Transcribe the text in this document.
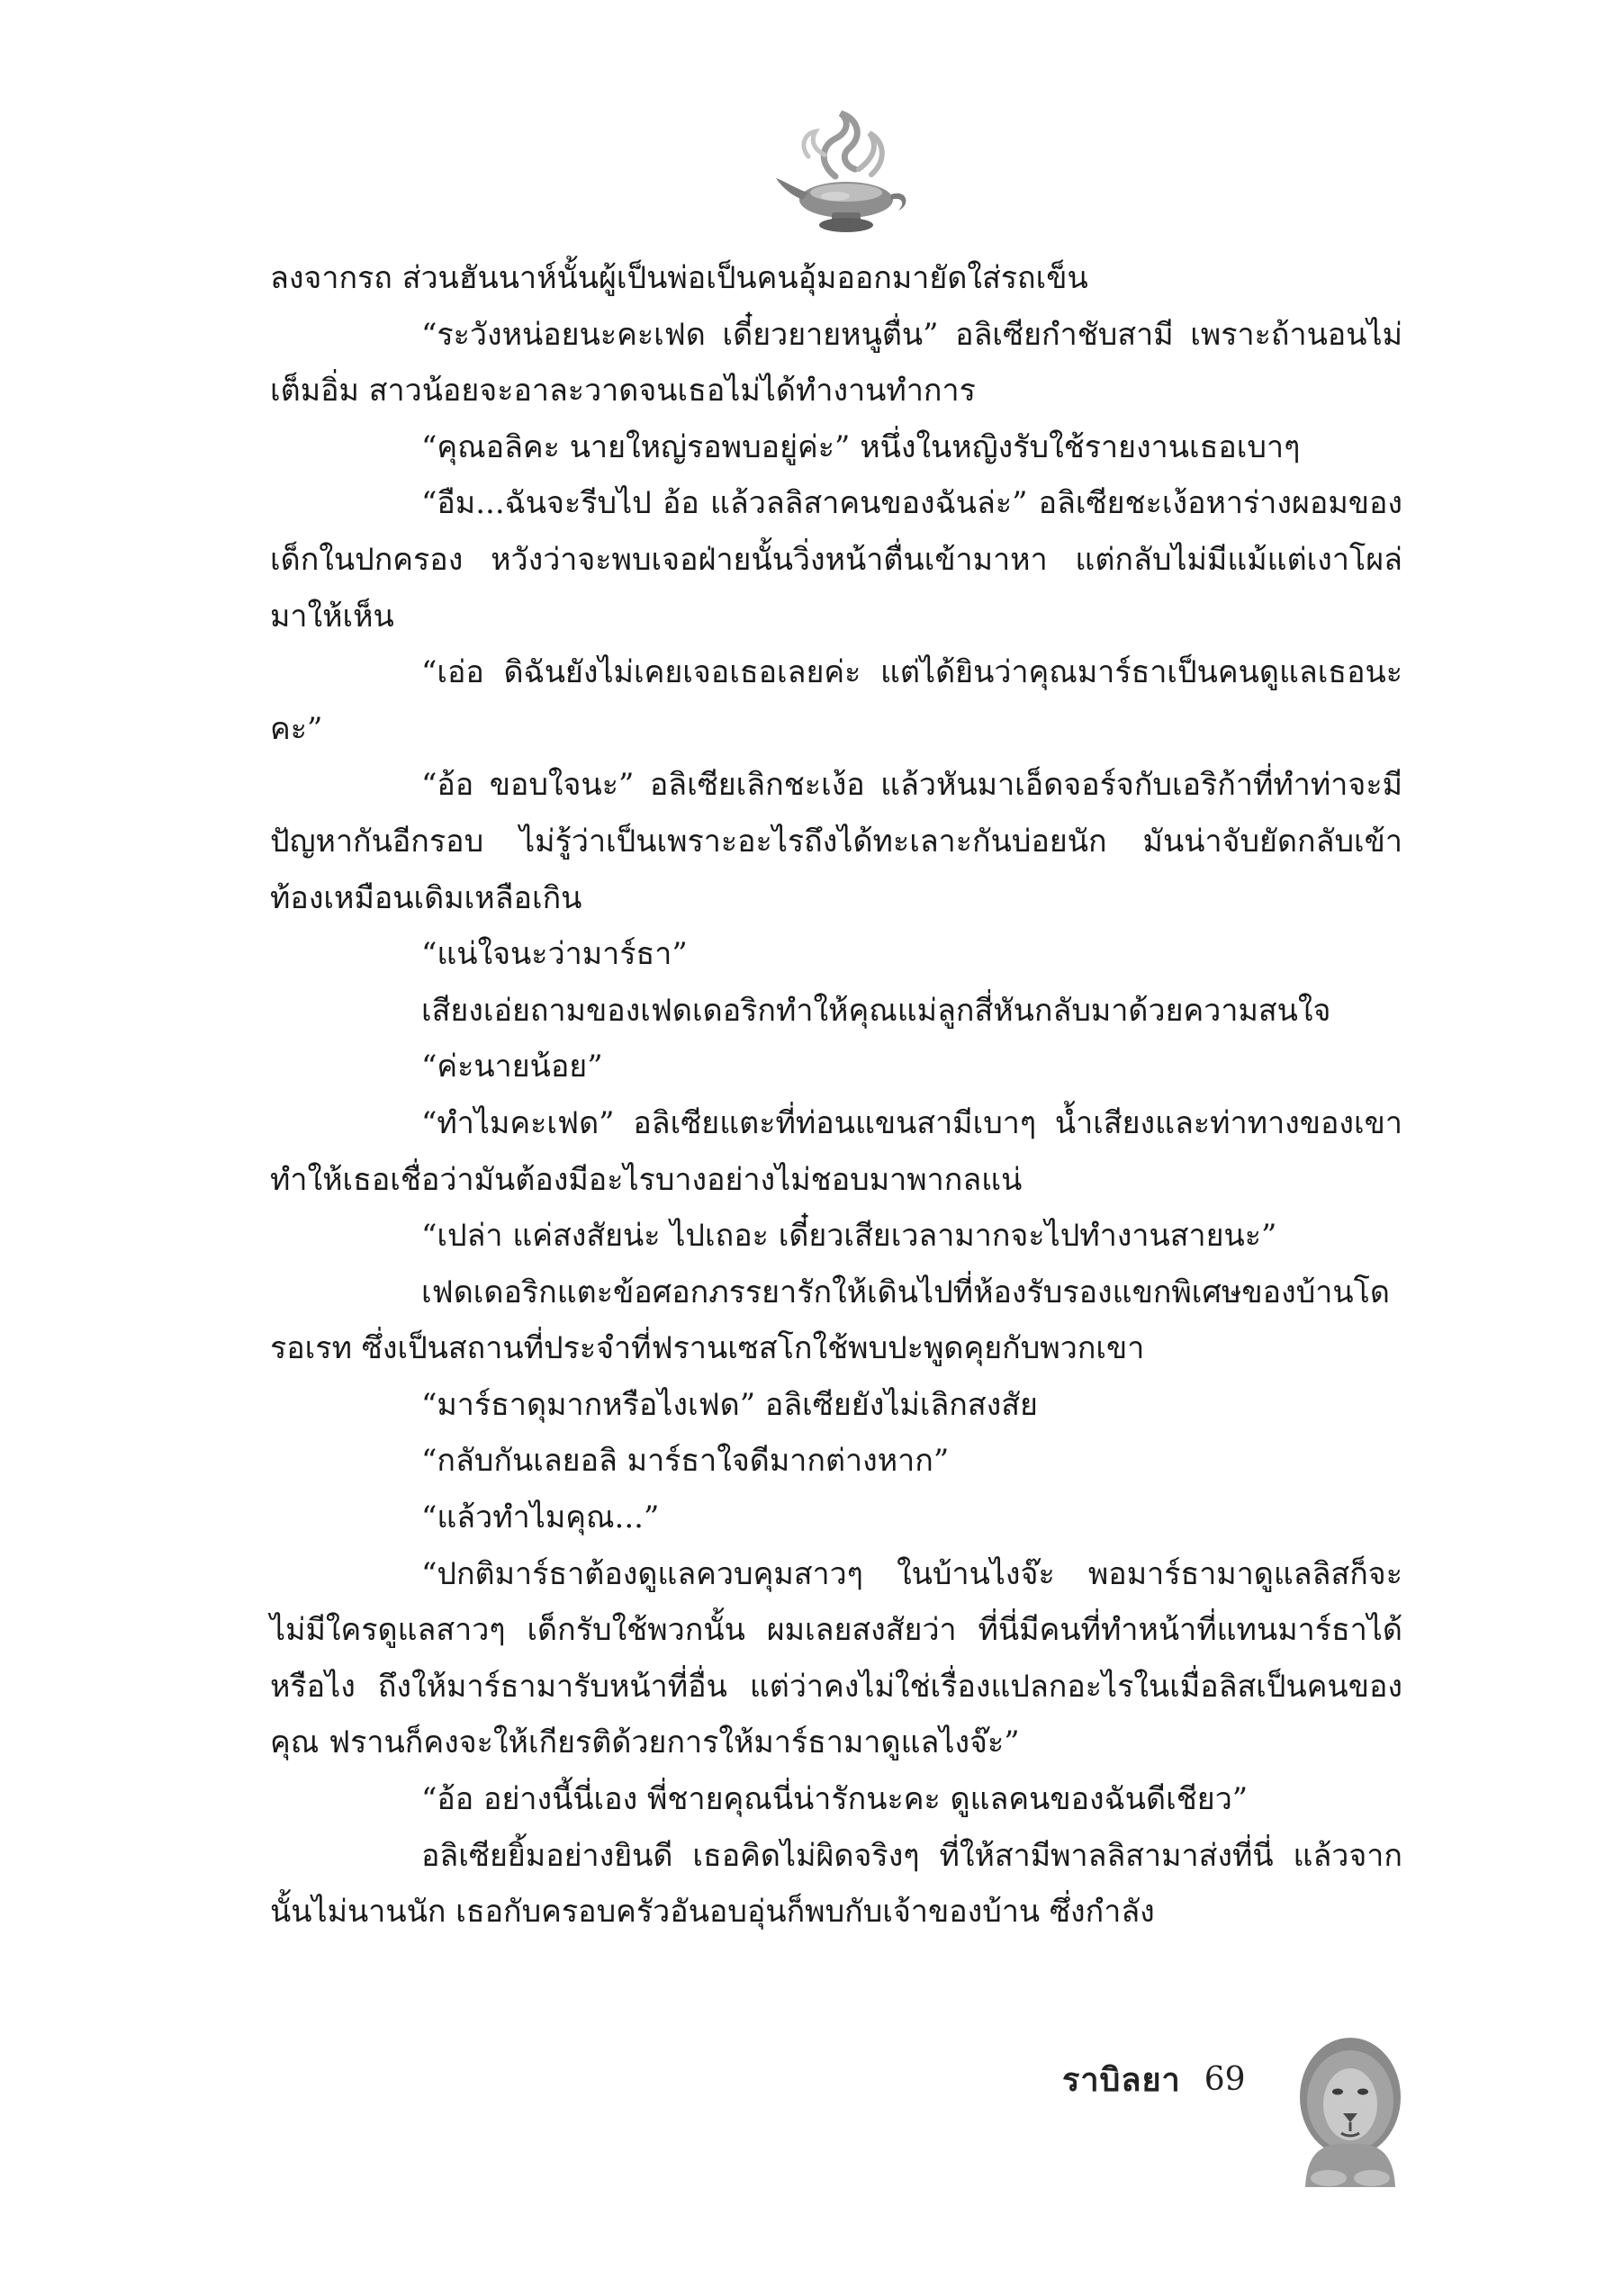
ลงจากรถ ส่วนฮันนาห์นั้นผู้เป็นพ่อเป็นคนอุ้มออกมายัดใส่รถเข็น

“ระวังหน่อยนะคะเฟด เดี๋ยวยายหนูตื่น” อลิเซียกำชับสามี เพราะถ้านอนไม่เต็มอิ่ม สาวน้อยจะอาละวาดจนเธอไม่ได้ทำงานทำการ

“คุณอลิคะ นายใหญ่รอพบอยู่ค่ะ” หนึ่งในหญิงรับใช้รายงานเธอเบาๆ

“อืม...ฉันจะรีบไป อ้อ แล้วลลิสาคนของฉันล่ะ” อลิเซียชะเง้อหาร่างผอมของเด็กในปกครอง หวังว่าจะพบเจอฝ่ายนั้นวิ่งหน้าตื่นเข้ามาหา แต่กลับไม่มีแม้แต่เงาโผล่มาให้เห็น

“เอ่อ ดิฉันยังไม่เคยเจอเธอเลยค่ะ แต่ได้ยินว่าคุณมาร์ธาเป็นคนดูแลเธอนะคะ”

“อ้อ ขอบใจนะ” อลิเซียเลิกชะเง้อ แล้วหันมาเอ็ดจอร์จกับเอริก้าที่ทำท่าจะมีปัญหากันอีกรอบ ไม่รู้ว่าเป็นเพราะอะไรถึงได้ทะเลาะกันบ่อยนัก มันน่าจับยัดกลับเข้าท้องเหมือนเดิมเหลือเกิน

“แน่ใจนะว่ามาร์ธา”

เสียงเอ่ยถามของเฟดเดอริกทำให้คุณแม่ลูกสี่หันกลับมาด้วยความสนใจ

“ค่ะนายน้อย”

“ทำไมคะเฟด” อลิเซียแตะที่ท่อนแขนสามีเบาๆ น้ำเสียงและท่าทางของเขาทำให้เธอเชื่อว่ามันต้องมีอะไรบางอย่างไม่ชอบมาพากลแน่

“เปล่า แค่สงสัยน่ะ ไปเถอะ เดี๋ยวเสียเวลามากจะไปทำงานสายนะ”

เฟดเดอริกแตะข้อศอกภรรยารักให้เดินไปที่ห้องรับรองแขกพิเศษของบ้านโดรอเรท ซึ่งเป็นสถานที่ประจำที่ฟรานเซสโกใช้พบปะพูดคุยกับพวกเขา

“มาร์ธาดุมากหรือไงเฟด” อลิเซียยังไม่เลิกสงสัย

“กลับกันเลยอลิ มาร์ธาใจดีมากต่างหาก”

“แล้วทำไมคุณ...”

“ปกติมาร์ธาต้องดูแลควบคุมสาวๆ ในบ้านไงจ๊ะ พอมาร์ธามาดูแลลิสก็จะไม่มีใครดูแลสาวๆ เด็กรับใช้พวกนั้น ผมเลยสงสัยว่า ที่นี่มีคนที่ทำหน้าที่แทนมาร์ธาได้หรือไง ถึงให้มาร์ธามารับหน้าที่อื่น แต่ว่าคงไม่ใช่เรื่องแปลกอะไรในเมื่อลิสเป็นคนของคุณ ฟรานก็คงจะให้เกียรติด้วยการให้มาร์ธามาดูแลไงจ๊ะ”

“อ้อ อย่างนี้นี่เอง พี่ชายคุณนี่น่ารักนะคะ ดูแลคนของฉันดีเชียว”

อลิเซียยิ้มอย่างยินดี เธอคิดไม่ผิดจริงๆ ที่ให้สามีพาลลิสามาส่งที่นี่ แล้วจากนั้นไม่นานนัก เธอกับครอบครัวอันอบอุ่นก็พบกับเจ้าของบ้าน ซึ่งกำลัง

ราบิลยา 69
